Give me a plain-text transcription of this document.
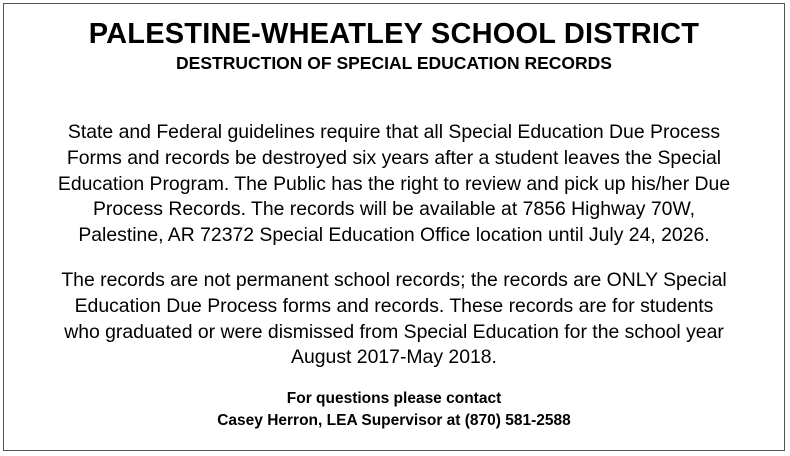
PALESTINE-WHEATLEY SCHOOL DISTRICT
DESTRUCTION OF SPECIAL EDUCATION RECORDS
State and Federal guidelines require that all Special Education Due Process
Forms and records be destroyed six years after a student leaves the Special
Education Program. The Public has the right to review and pick up his/her Due
Process Records. The records will be available at 7856 Highway 70W,
Palestine, AR 72372 Special Education Office location until July 24, 2026.
The records are not permanent school records; the records are ONLY Special
Education Due Process forms and records. These records are for students
who graduated or were dismissed from Special Education for the school year
August 2017-May 2018.
For questions please contact
Casey Herron, LEA Supervisor at (870) 581-2588
